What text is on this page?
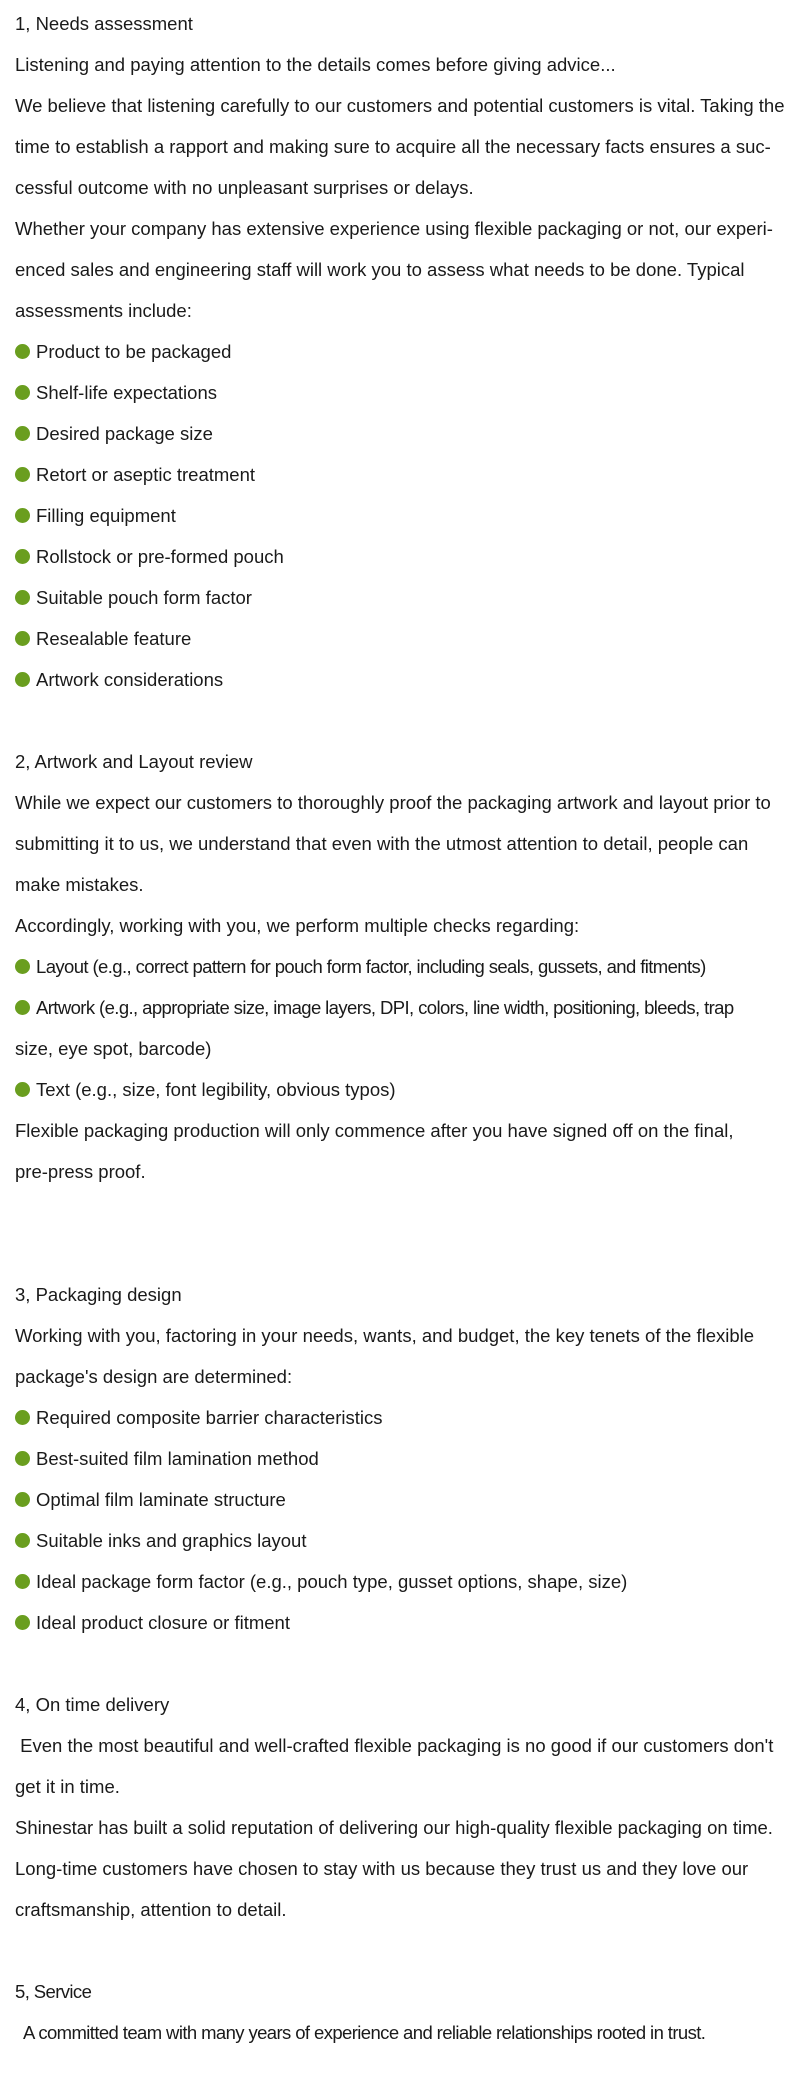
1, Needs assessment
Listening and paying attention to the details comes before giving advice...
We believe that listening carefully to our customers and potential customers is vital. Taking the
time to establish a rapport and making sure to acquire all the necessary facts ensures a suc-
cessful outcome with no unpleasant surprises or delays.
Whether your company has extensive experience using flexible packaging or not, our experi-
enced sales and engineering staff will work you to assess what needs to be done. Typical
assessments include:
Product to be packaged
Shelf-life expectations
Desired package size
Retort or aseptic treatment
Filling equipment
Rollstock or pre-formed pouch
Suitable pouch form factor
Resealable feature
Artwork considerations
2, Artwork and Layout review
While we expect our customers to thoroughly proof the packaging artwork and layout prior to
submitting it to us, we understand that even with the utmost attention to detail, people can
make mistakes.
Accordingly, working with you, we perform multiple checks regarding:
Layout (e.g., correct pattern for pouch form factor, including seals, gussets, and fitments)
Artwork (e.g., appropriate size, image layers, DPI, colors, line width, positioning, bleeds, trap
size, eye spot, barcode)
Text (e.g., size, font legibility, obvious typos)
Flexible packaging production will only commence after you have signed off on the final,
pre-press proof.
3, Packaging design
Working with you, factoring in your needs, wants, and budget, the key tenets of the flexible
package's design are determined:
Required composite barrier characteristics
Best-suited film lamination method
Optimal film laminate structure
Suitable inks and graphics layout
Ideal package form factor (e.g., pouch type, gusset options, shape, size)
Ideal product closure or fitment
4, On time delivery
Even the most beautiful and well-crafted flexible packaging is no good if our customers don't
get it in time.
Shinestar has built a solid reputation of delivering our high-quality flexible packaging on time.
Long-time customers have chosen to stay with us because they trust us and they love our
craftsmanship, attention to detail.
5, Service
A committed team with many years of experience and reliable relationships rooted in trust.
